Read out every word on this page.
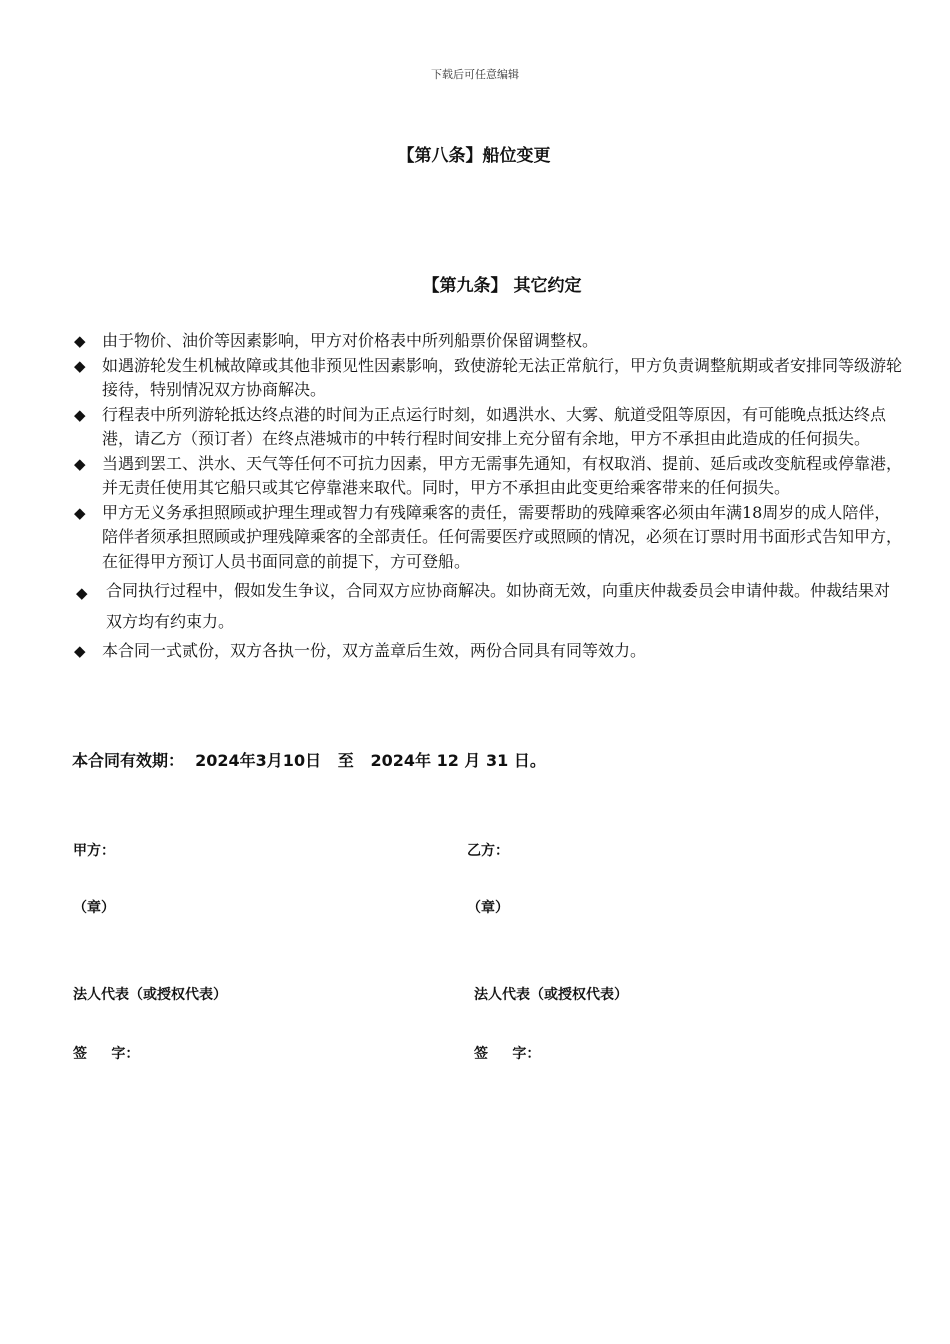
下载后可任意编辑
【第八条】船位变更
【第九条】 其它约定
◆ 由于物价、油价等因素影响，甲方对价格表中所列船票价保留调整权。
◆ 如遇游轮发生机械故障或其他非预见性因素影响，致使游轮无法正常航行，甲方负责调整航期或者安排同等级游轮接待，特别情况双方协商解决。
◆ 行程表中所列游轮抵达终点港的时间为正点运行时刻，如遇洪水、大雾、航道受阻等原因，有可能晚点抵达终点港，请乙方（预订者）在终点港城市的中转行程时间安排上充分留有余地，甲方不承担由此造成的任何损失。
◆ 当遇到罢工、洪水、天气等任何不可抗力因素，甲方无需事先通知，有权取消、提前、延后或改变航程或停靠港，并无责任使用其它船只或其它停靠港来取代。同时，甲方不承担由此变更给乘客带来的任何损失。
◆ 甲方无义务承担照顾或护理生理或智力有残障乘客的责任，需要帮助的残障乘客必须由年满18周岁的成人陪伴，陪伴者须承担照顾或护理残障乘客的全部责任。任何需要医疗或照顾的情况，必须在订票时用书面形式告知甲方，在征得甲方预订人员书面同意的前提下，方可登船。
◆ 合同执行过程中，假如发生争议，合同双方应协商解决。如协商无效，向重庆仲裁委员会申请仲裁。仲裁结果对双方均有约束力。
◆ 本合同一式贰份，双方各执一份，双方盖章后生效，两份合同具有同等效力。
本合同有效期：  2024年3月10日   至   2024年 12 月 31 日。
甲方：	乙方：
（章）	（章）
法人代表（或授权代表）	法人代表（或授权代表）
签     字：	签     字：
